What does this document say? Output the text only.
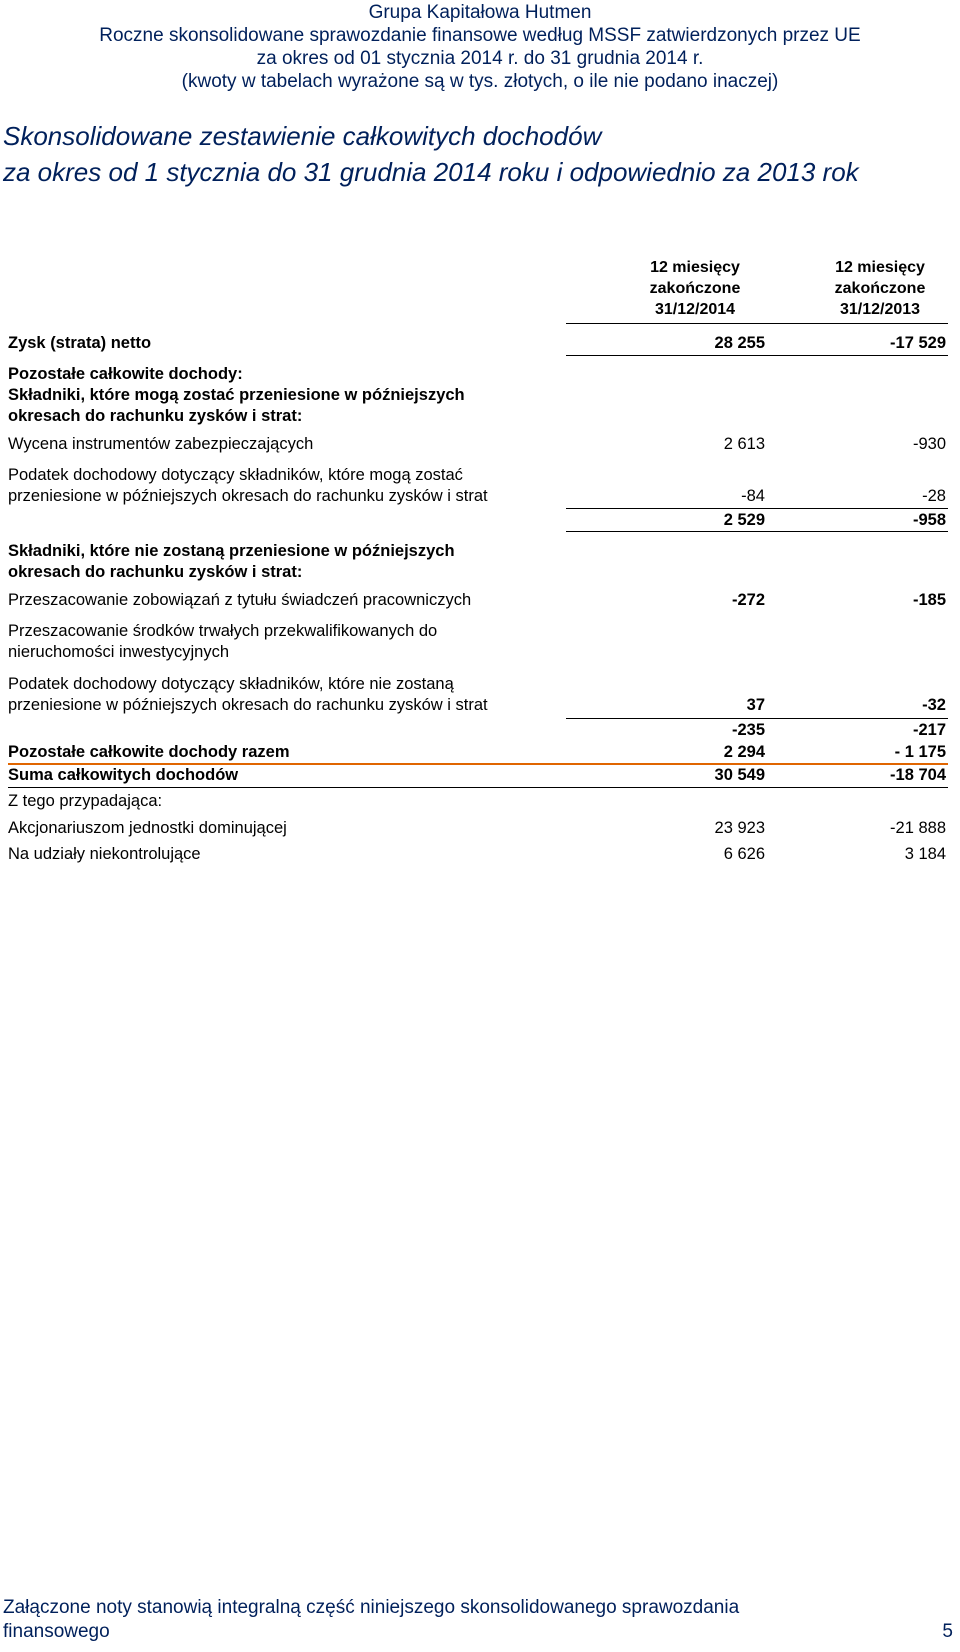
Grupa Kapitałowa Hutmen
Roczne skonsolidowane sprawozdanie finansowe według MSSF zatwierdzonych przez UE
za okres od 01 stycznia 2014 r. do 31 grudnia 2014 r.
(kwoty w tabelach wyrażone są w tys. złotych, o ile nie podano inaczej)
Skonsolidowane zestawienie całkowitych dochodów
za okres od 1 stycznia do 31 grudnia 2014 roku i odpowiednio za 2013 rok
12 miesięcy
zakończone
31/12/2014
12 miesięcy
zakończone
31/12/2013
Zysk (strata) netto	28 255	-17 529
Pozostałe całkowite dochody:
Składniki, które mogą zostać przeniesione w późniejszych
okresach do rachunku zysków i strat:
Wycena instrumentów zabezpieczających	2 613	-930
Podatek dochodowy dotyczący składników, które mogą zostać
przeniesione w późniejszych okresach do rachunku zysków i strat	-84	-28
2 529	-958
Składniki, które nie zostaną przeniesione w późniejszych
okresach do rachunku zysków i strat:
Przeszacowanie zobowiązań z tytułu świadczeń pracowniczych	-272	-185
Przeszacowanie środków trwałych przekwalifikowanych do
nieruchomości inwestycyjnych
Podatek dochodowy dotyczący składników, które nie zostaną
przeniesione w późniejszych okresach do rachunku zysków i strat	37	-32
-235	-217
Pozostałe całkowite dochody razem	2 294	- 1 175
Suma całkowitych dochodów	30 549	-18 704
Z tego przypadająca:
Akcjonariuszom jednostki dominującej	23 923	-21 888
Na udziały niekontrolujące	6 626	3 184
Załączone noty stanowią integralną część niniejszego skonsolidowanego sprawozdania
finansowego	5
